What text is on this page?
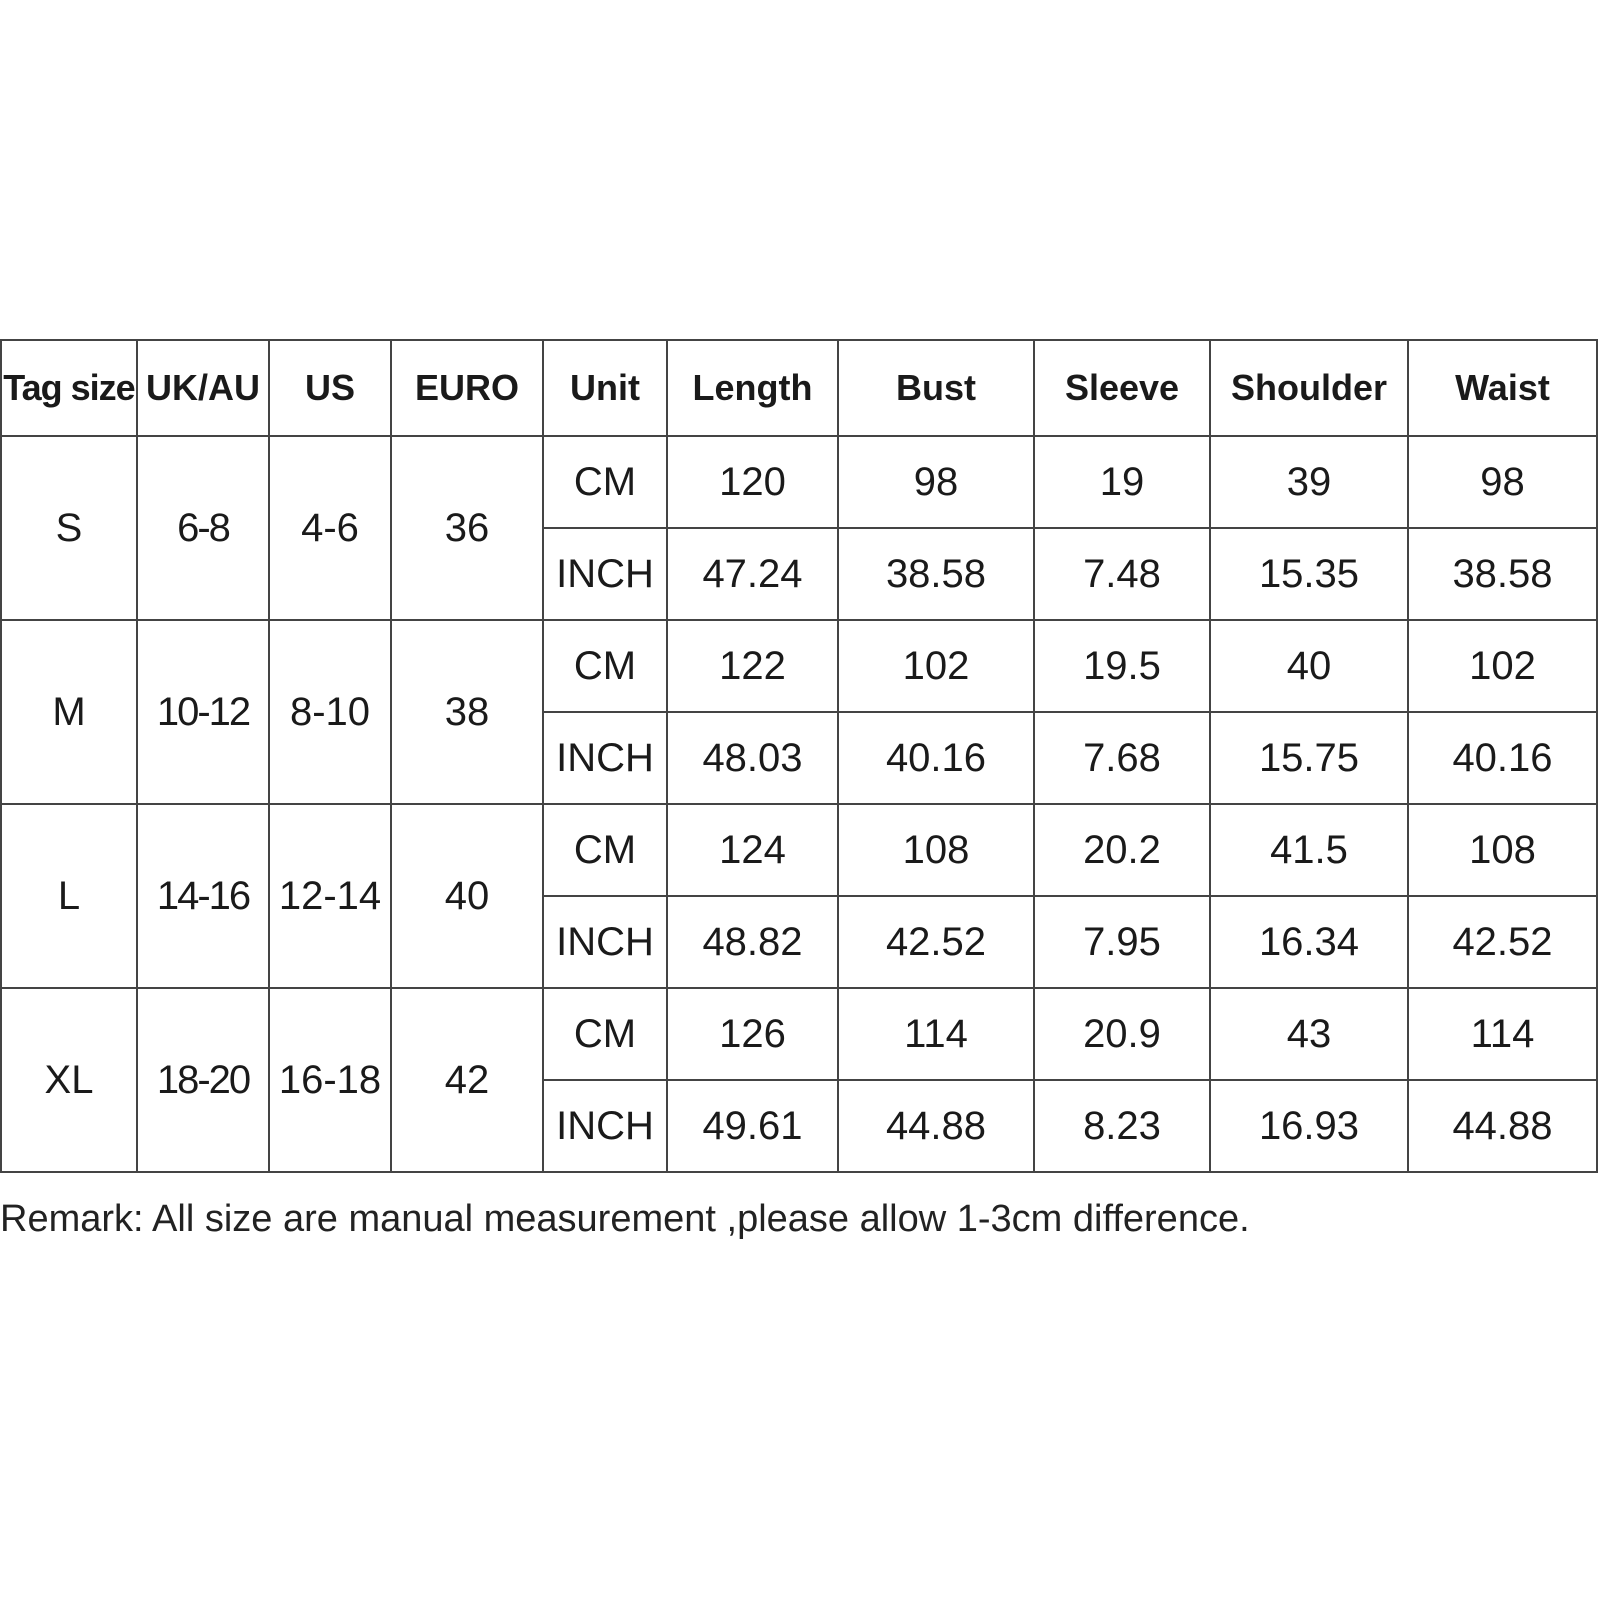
Tag size	UK/AU	US	EURO	Unit	Length	Bust	Sleeve	Shoulder	Waist
S	6-8	4-6	36	CM	120	98	19	39	98
				INCH	47.24	38.58	7.48	15.35	38.58
M	10-12	8-10	38	CM	122	102	19.5	40	102
				INCH	48.03	40.16	7.68	15.75	40.16
L	14-16	12-14	40	CM	124	108	20.2	41.5	108
				INCH	48.82	42.52	7.95	16.34	42.52
XL	18-20	16-18	42	CM	126	114	20.9	43	114
				INCH	49.61	44.88	8.23	16.93	44.88
Remark: All size are manual measurement ,please allow 1-3cm difference.
